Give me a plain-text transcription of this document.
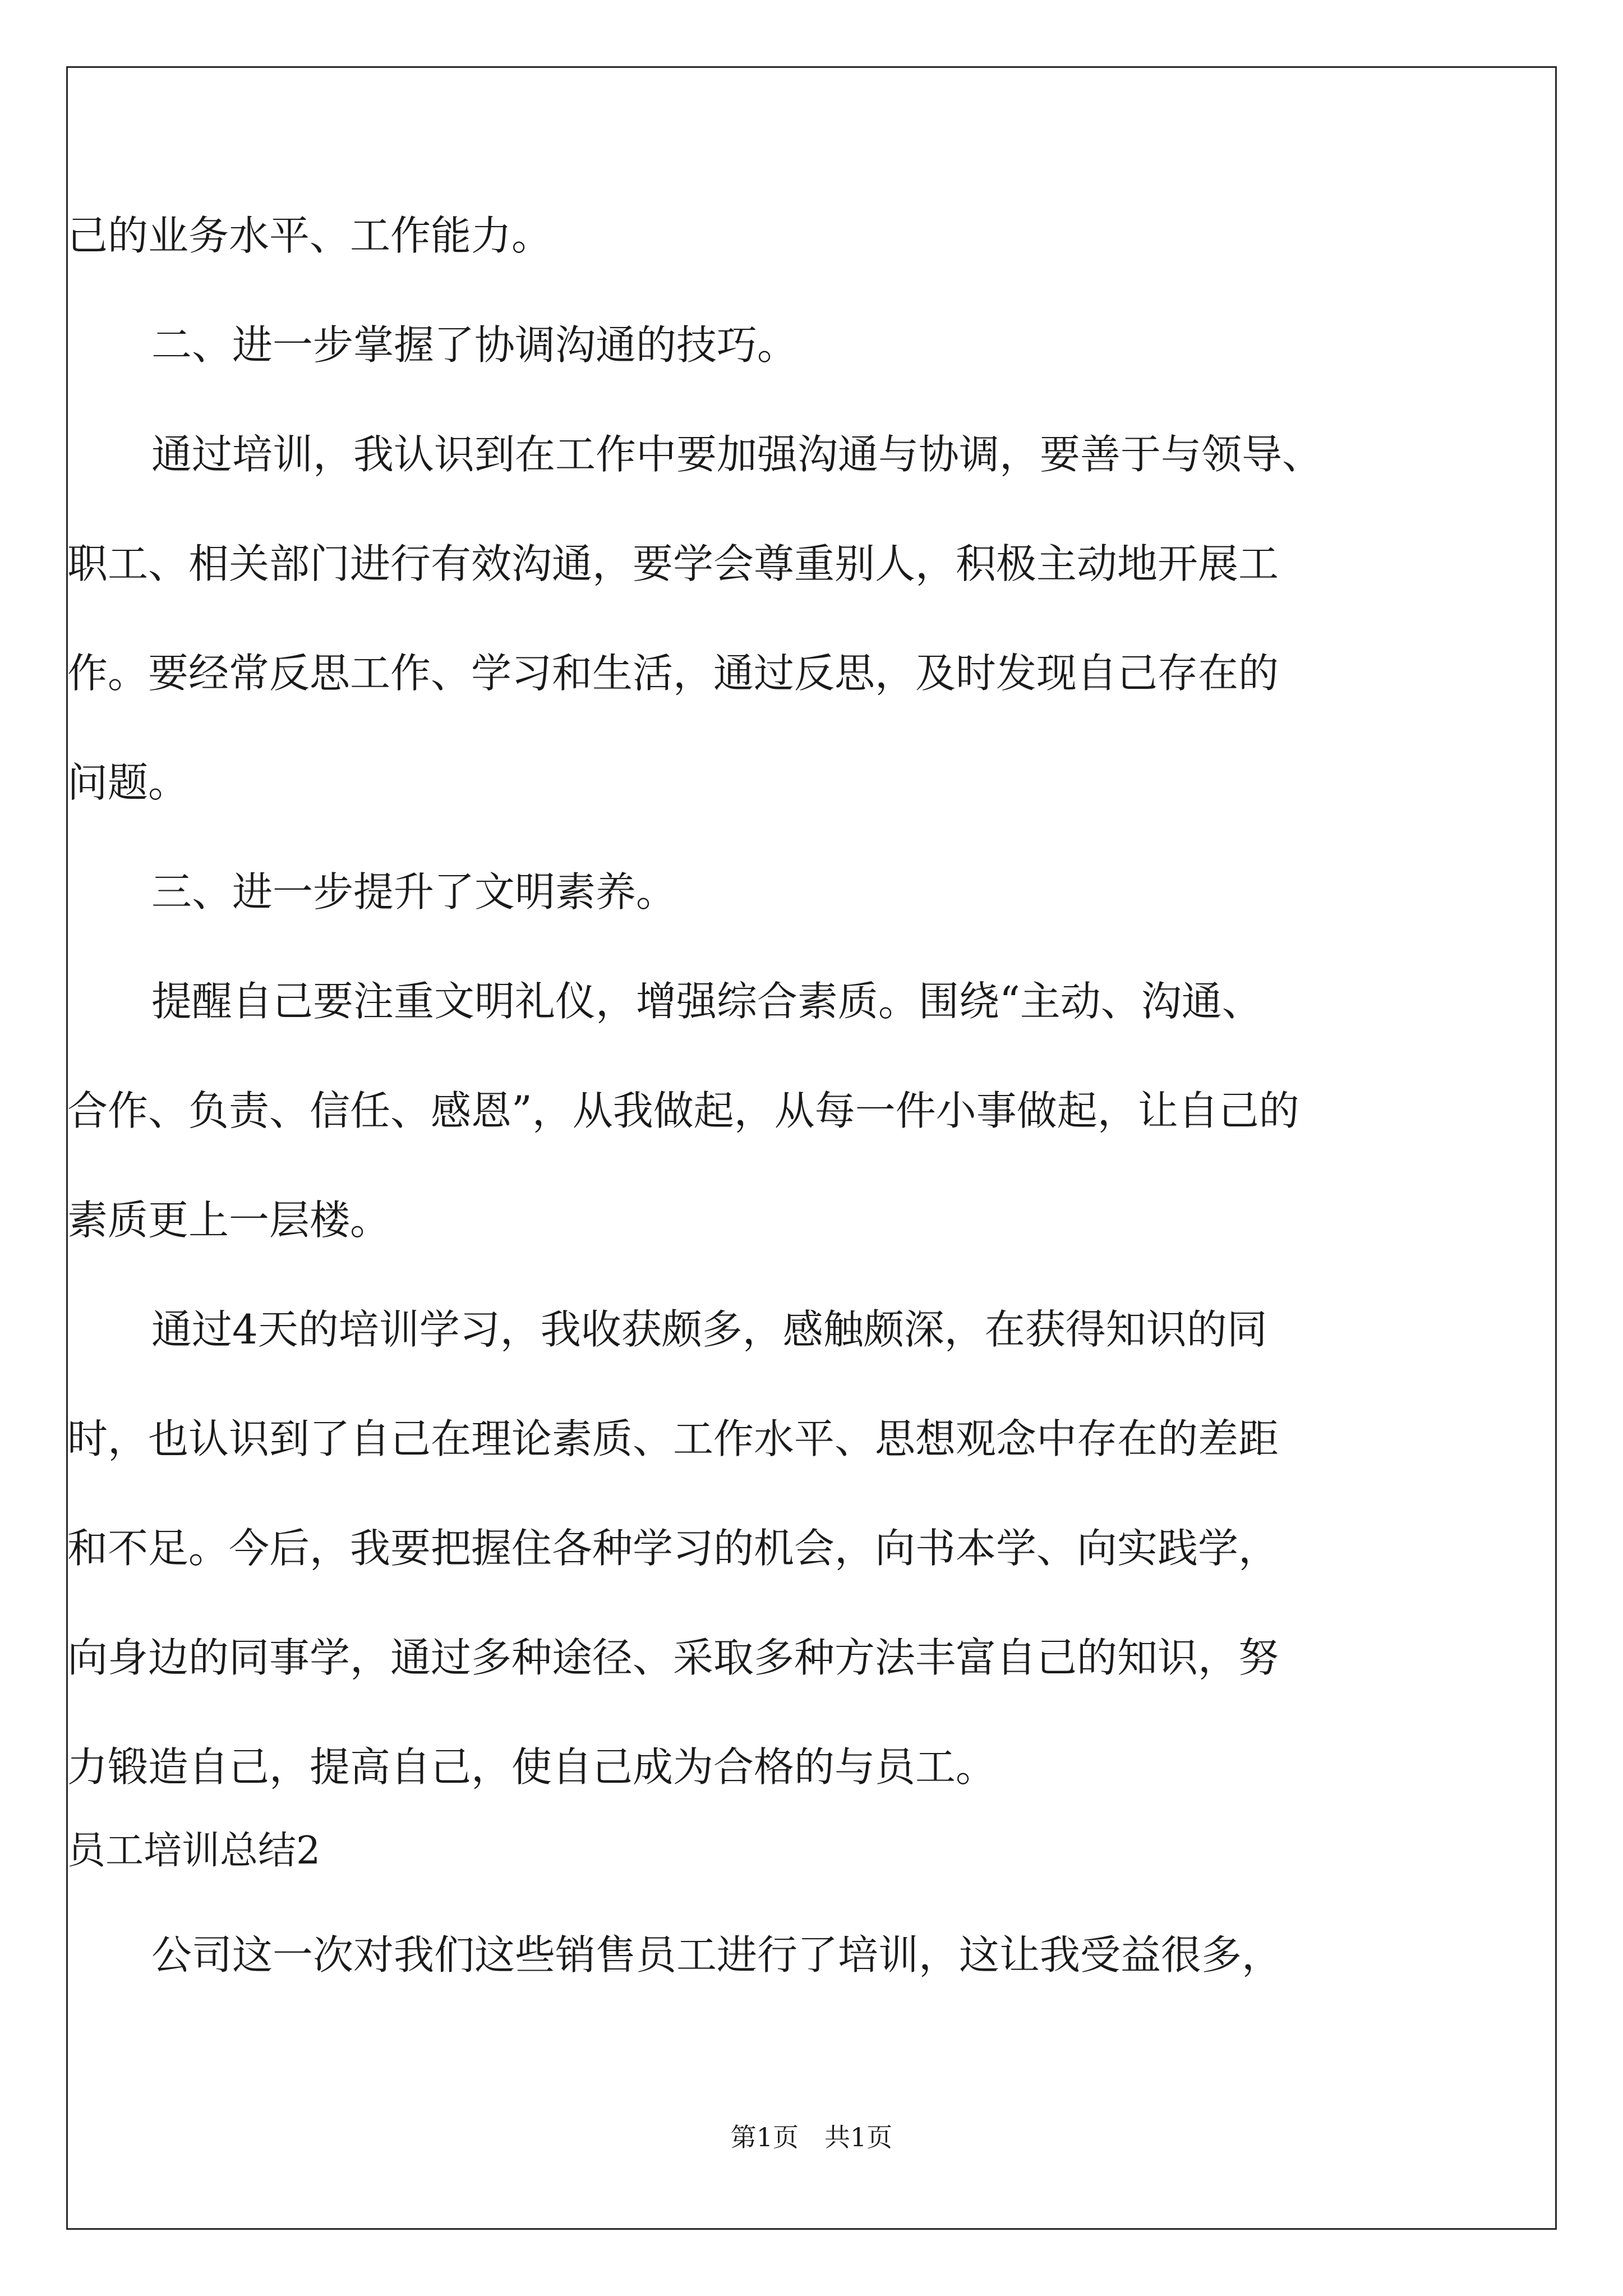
己的业务水平、工作能力。
二、进一步掌握了协调沟通的技巧。
通过培训，我认识到在工作中要加强沟通与协调，要善于与领导、
职工、相关部门进行有效沟通，要学会尊重别人，积极主动地开展工
作。要经常反思工作、学习和生活，通过反思，及时发现自己存在的
问题。
三、进一步提升了文明素养。
提醒自己要注重文明礼仪，增强综合素质。围绕“主动、沟通、
合作、负责、信任、感恩”，从我做起，从每一件小事做起，让自己的
素质更上一层楼。
通过4天的培训学习，我收获颇多，感触颇深，在获得知识的同
时，也认识到了自己在理论素质、工作水平、思想观念中存在的差距
和不足。今后，我要把握住各种学习的机会，向书本学、向实践学，
向身边的同事学，通过多种途径、采取多种方法丰富自己的知识，努
力锻造自己，提高自己，使自己成为合格的与员工。
员工培训总结2
公司这一次对我们这些销售员工进行了培训，这让我受益很多，
第1页　共1页
